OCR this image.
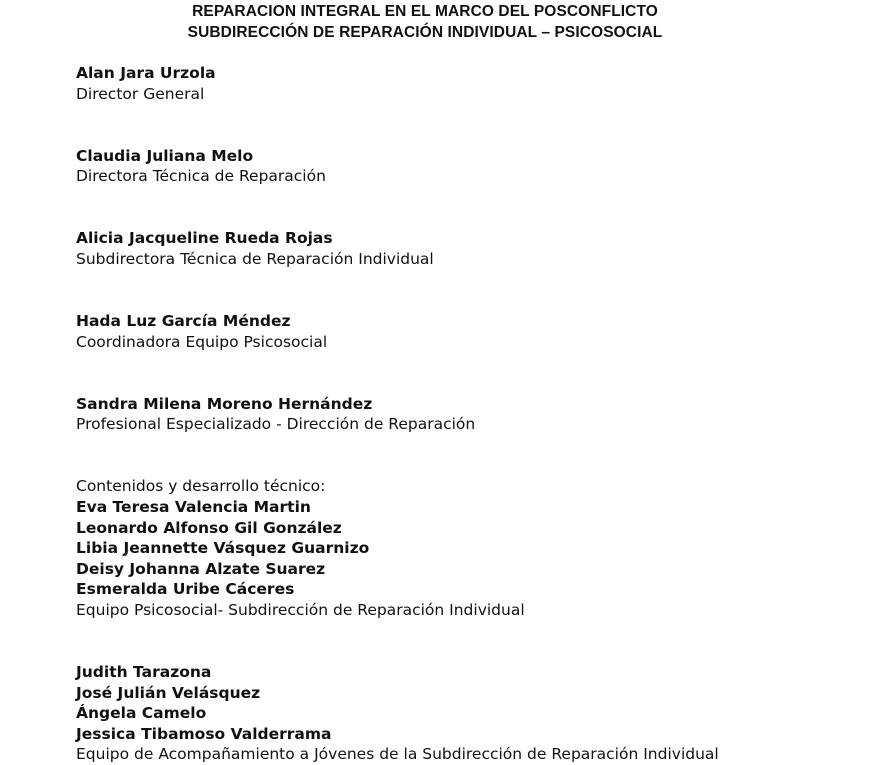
REPARACION INTEGRAL EN EL MARCO DEL POSCONFLICTO
SUBDIRECCIÓN DE REPARACIÓN INDIVIDUAL – PSICOSOCIAL
Alan Jara Urzola
Director General
Claudia Juliana Melo
Directora Técnica de Reparación
Alicia Jacqueline Rueda Rojas
Subdirectora Técnica de Reparación Individual
Hada Luz García Méndez
Coordinadora Equipo Psicosocial
Sandra Milena Moreno Hernández
Profesional Especializado - Dirección de Reparación
Contenidos y desarrollo técnico:
Eva Teresa Valencia Martin
Leonardo Alfonso Gil González
Libia Jeannette Vásquez Guarnizo
Deisy Johanna Alzate Suarez
Esmeralda Uribe Cáceres
Equipo Psicosocial- Subdirección de Reparación Individual
Judith Tarazona
José Julián Velásquez
Ángela Camelo
Jessica Tibamoso Valderrama
Equipo de Acompañamiento a Jóvenes de la Subdirección de Reparación Individual
